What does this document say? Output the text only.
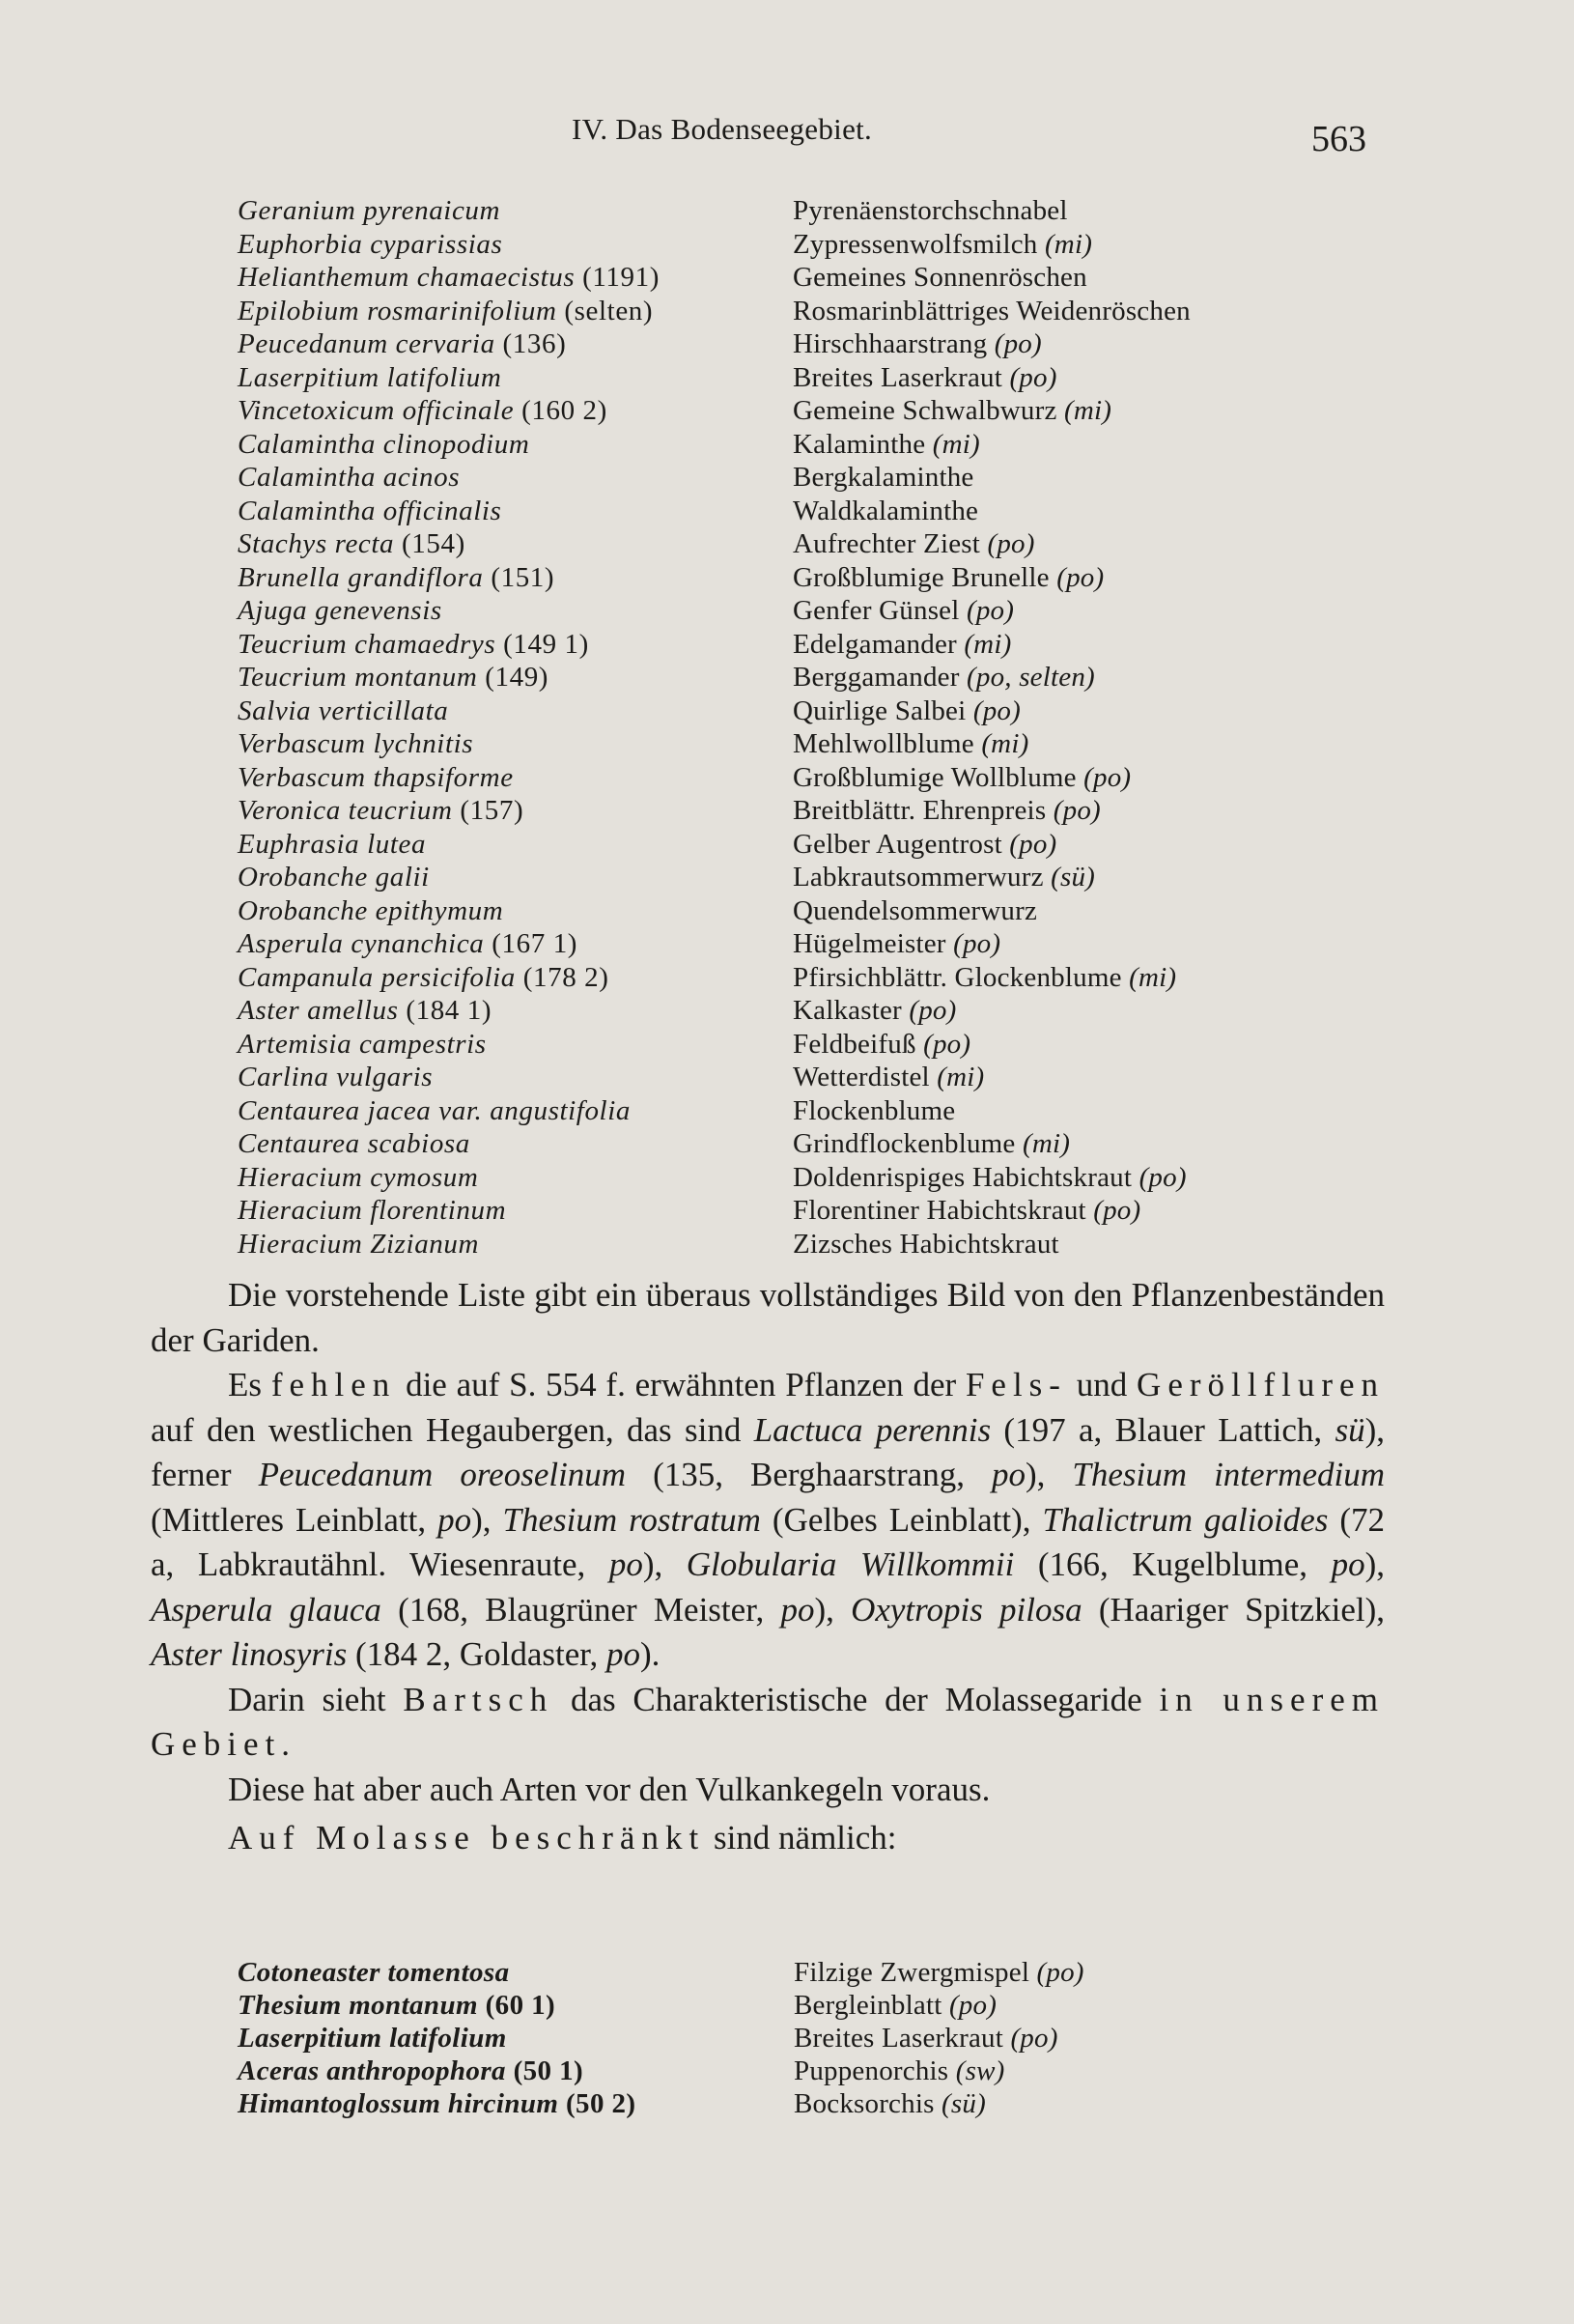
IV. Das Bodenseegebiet.	563
Geranium pyrenaicum	Pyrenäenstorchschnabel
Euphorbia cyparissias	Zypressenwolfsmilch (mi)
Helianthemum chamaecistus (1191)	Gemeines Sonnenröschen
Epilobium rosmarinifolium (selten)	Rosmarinblättriges Weidenröschen
Peucedanum cervaria (136)	Hirschhaarstrang (po)
Laserpitium latifolium	Breites Laserkraut (po)
Vincetoxicum officinale (160 2)	Gemeine Schwalbwurz (mi)
Calamintha clinopodium	Kalaminthe (mi)
Calamintha acinos	Bergkalaminthe
Calamintha officinalis	Waldkalaminthe
Stachys recta (154)	Aufrechter Ziest (po)
Brunella grandiflora (151)	Großblumige Brunelle (po)
Ajuga genevensis	Genfer Günsel (po)
Teucrium chamaedrys (149 1)	Edelgamander (mi)
Teucrium montanum (149)	Berggamander (po, selten)
Salvia verticillata	Quirlige Salbei (po)
Verbascum lychnitis	Mehlwollblume (mi)
Verbascum thapsiforme	Großblumige Wollblume (po)
Veronica teucrium (157)	Breitblättr. Ehrenpreis (po)
Euphrasia lutea	Gelber Augentrost (po)
Orobanche galii	Labkrautsommerwurz (sü)
Orobanche epithymum	Quendelsommerwurz
Asperula cynanchica (167 1)	Hügelmeister (po)
Campanula persicifolia (178 2)	Pfirsichblättr. Glockenblume (mi)
Aster amellus (184 1)	Kalkaster (po)
Artemisia campestris	Feldbeifuß (po)
Carlina vulgaris	Wetterdistel (mi)
Centaurea jacea var. angustifolia	Flockenblume
Centaurea scabiosa	Grindflockenblume (mi)
Hieracium cymosum	Doldenrispiges Habichtskraut (po)
Hieracium florentinum	Florentiner Habichtskraut (po)
Hieracium Zizianum	Zizsches Habichtskraut

Die vorstehende Liste gibt ein überaus vollständiges Bild von den Pflanzenbeständen der Gariden.

Es fehlen die auf S. 554 f. erwähnten Pflanzen der Fels- und Geröllfluren auf den westlichen Hegaubergen, das sind Lactuca perennis (197 a, Blauer Lattich, sü), ferner Peucedanum oreoselinum (135, Berghaarstrang, po), Thesium intermedium (Mittleres Leinblatt, po), Thesium rostratum (Gelbes Leinblatt), Thalictrum galioides (72 a, Labkrautähnl. Wiesenraute, po), Globularia Willkommii (166, Kugelblume, po), Asperula glauca (168, Blaugrüner Meister, po), Oxytropis pilosa (Haariger Spitzkiel), Aster linosyris (184 2, Goldaster, po).

Darin sieht Bartsch das Charakteristische der Molassegaride in unserem Gebiet.

Diese hat aber auch Arten vor den Vulkankegeln voraus.

Auf Molasse beschränkt sind nämlich:

Cotoneaster tomentosa	Filzige Zwergmispel (po)
Thesium montanum (60 1)	Bergleinblatt (po)
Laserpitium latifolium	Breites Laserkraut (po)
Aceras anthropophora (50 1)	Puppenorchis (sw)
Himantoglossum hircinum (50 2)	Bocksorchis (sü)
